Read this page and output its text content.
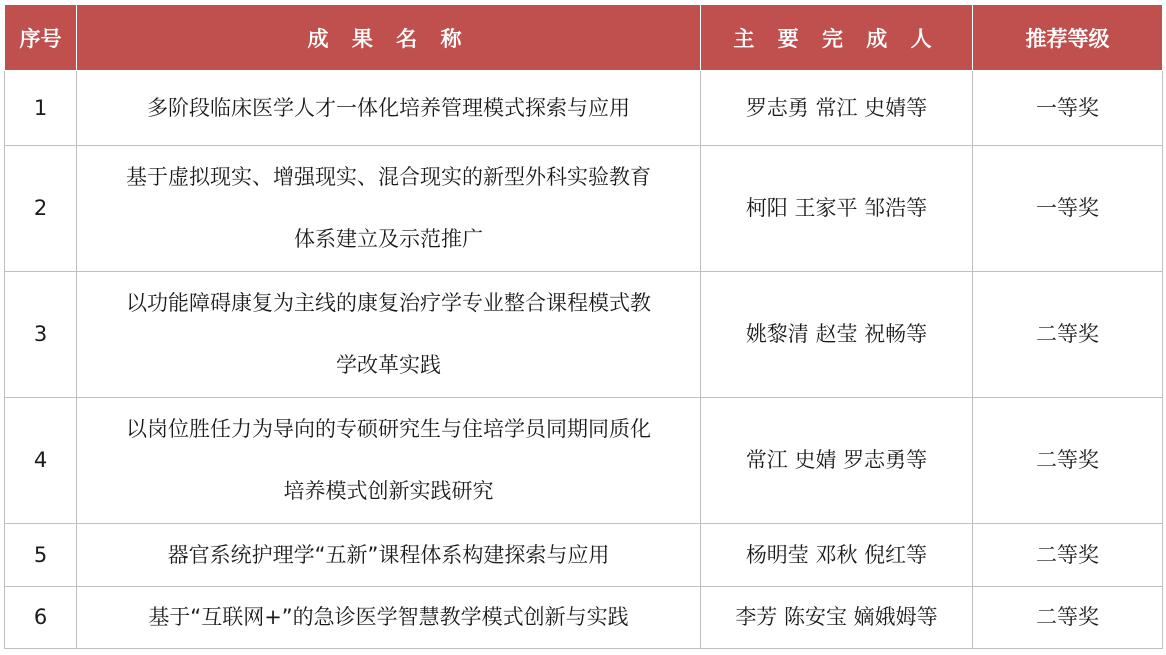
序号	成 果 名 称	主 要 完 成 人	推荐等级
1	多阶段临床医学人才一体化培养管理模式探索与应用	罗志勇 常江 史婧等	一等奖
2	基于虚拟现实、增强现实、混合现实的新型外科实验教育
体系建立及示范推广	柯阳 王家平 邹浩等	一等奖
3	以功能障碍康复为主线的康复治疗学专业整合课程模式教
学改革实践	姚黎清 赵莹 祝畅等	二等奖
4	以岗位胜任力为导向的专硕研究生与住培学员同期同质化
培养模式创新实践研究	常江 史婧 罗志勇等	二等奖
5	器官系统护理学“五新”课程体系构建探索与应用	杨明莹 邓秋 倪红等	二等奖
6	基于“互联网+”的急诊医学智慧教学模式创新与实践	李芳 陈安宝 嫡娥姆等	二等奖
